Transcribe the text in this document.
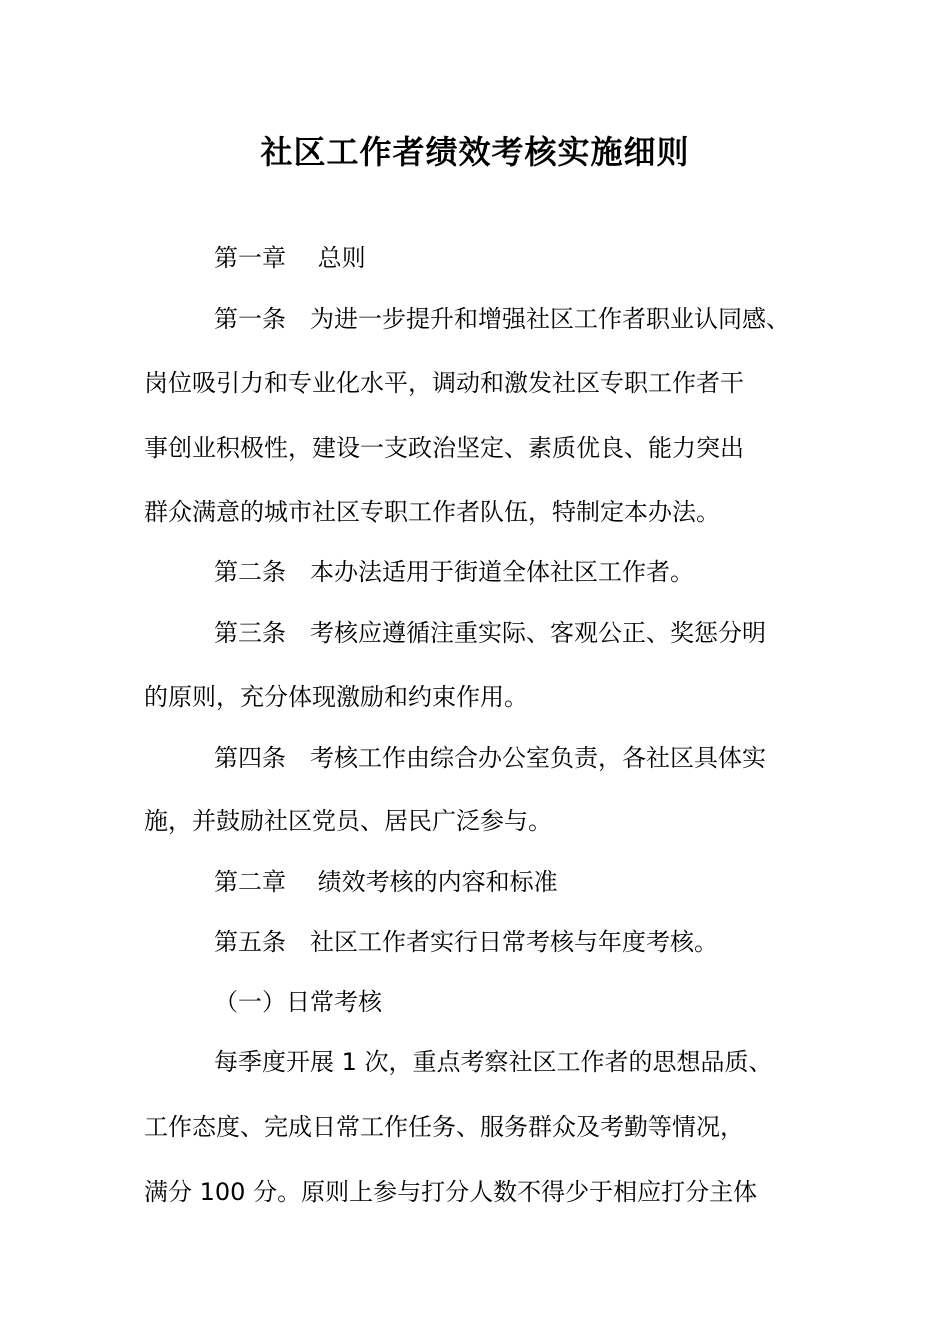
社区工作者绩效考核实施细则
第一章　 总则
第一条　为进一步提升和增强社区工作者职业认同感、
岗位吸引力和专业化水平，调动和激发社区专职工作者干
事创业积极性，建设一支政治坚定、素质优良、能力突出
群众满意的城市社区专职工作者队伍，特制定本办法。
第二条　本办法适用于街道全体社区工作者。
第三条　考核应遵循注重实际、客观公正、奖惩分明
的原则，充分体现激励和约束作用。
第四条　考核工作由综合办公室负责，各社区具体实
施，并鼓励社区党员、居民广泛参与。
第二章　 绩效考核的内容和标准
第五条　社区工作者实行日常考核与年度考核。
（一）日常考核
每季度开展 1 次，重点考察社区工作者的思想品质、
工作态度、完成日常工作任务、服务群众及考勤等情况，
满分 100 分。原则上参与打分人数不得少于相应打分主体
